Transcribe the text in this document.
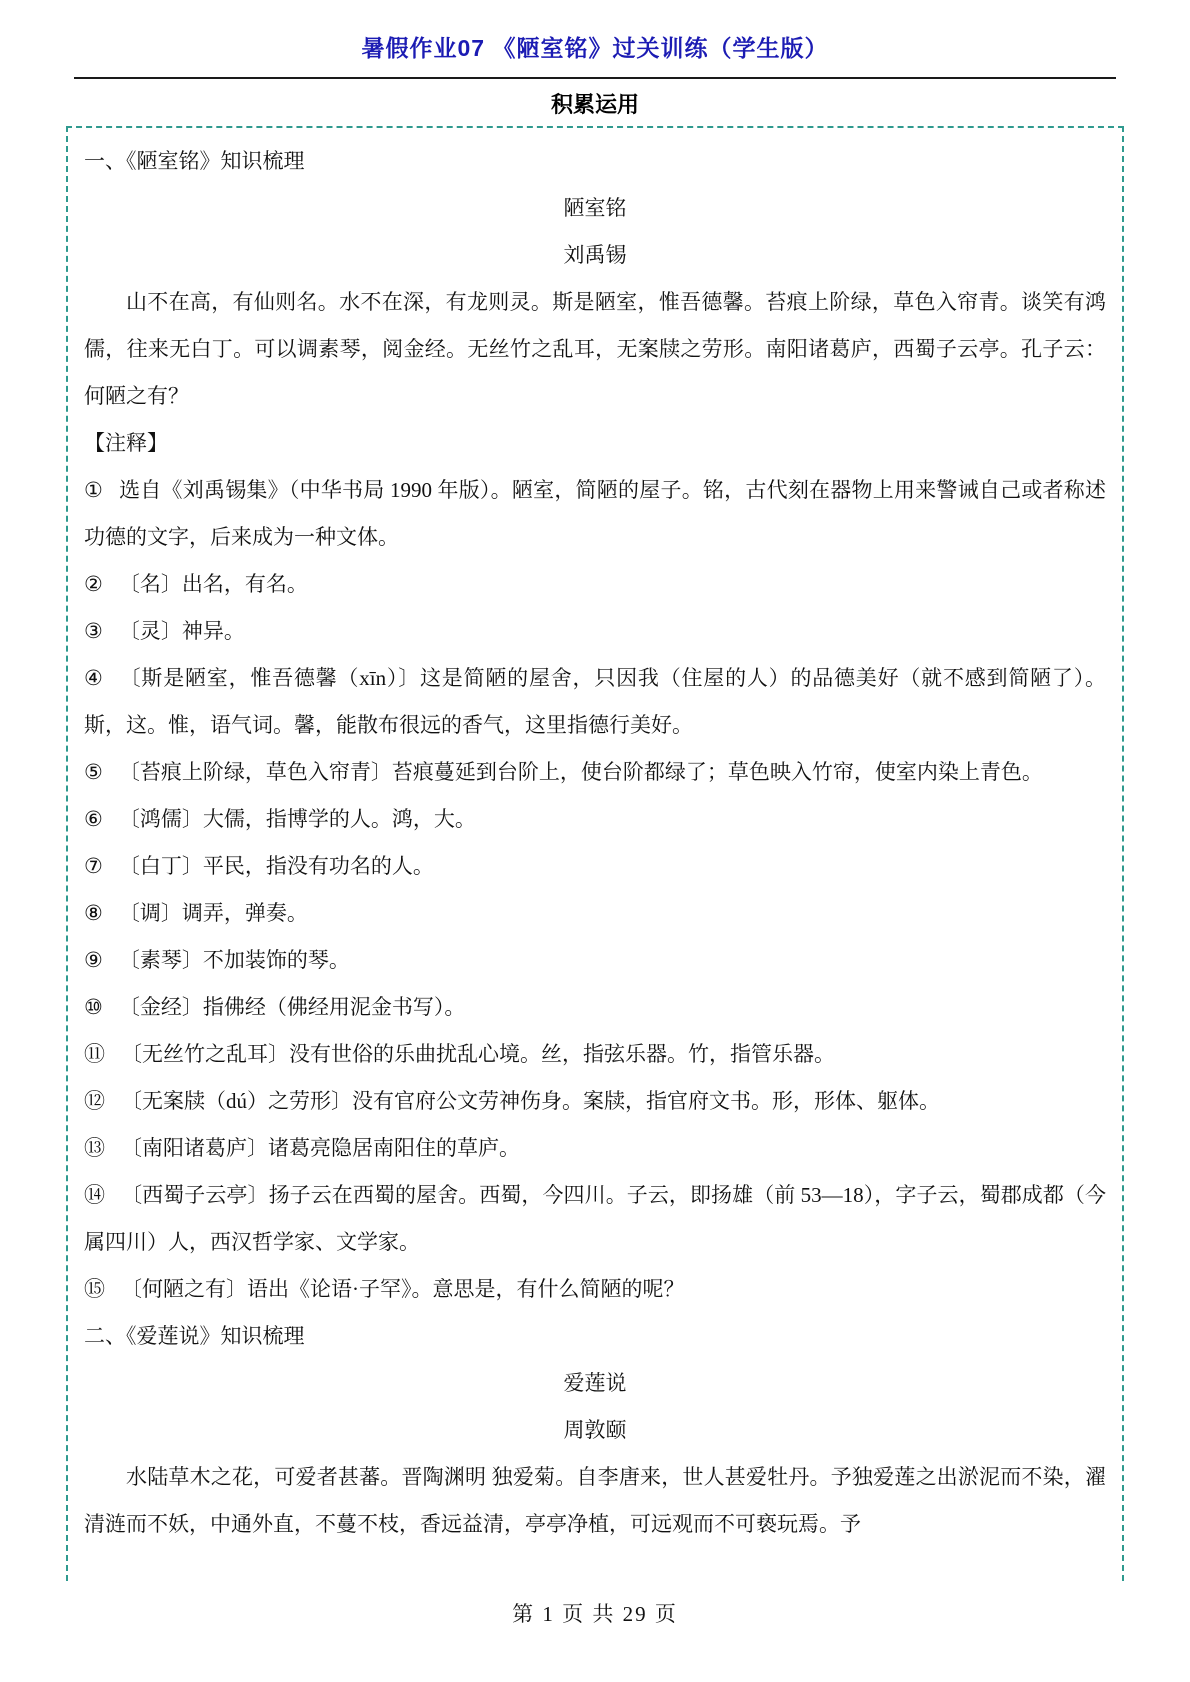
暑假作业07 《陋室铭》过关训练（学生版）
积累运用

一、《陋室铭》知识梳理

陋室铭

刘禹锡

山不在高，有仙则名。水不在深，有龙则灵。斯是陋室，惟吾德馨。苔痕上阶绿，草色入帘青。谈笑有鸿儒，往来无白丁。可以调素琴，阅金经。无丝竹之乱耳，无案牍之劳形。南阳诸葛庐，西蜀子云亭。孔子云：何陋之有？

【注释】

① 选自《刘禹锡集》（中华书局 1990 年版）。陋室，简陋的屋子。铭，古代刻在器物上用来警诫自己或者称述功德的文字，后来成为一种文体。

② 〔名〕出名，有名。

③ 〔灵〕神异。

④ 〔斯是陋室，惟吾德馨（xīn）〕这是简陋的屋舍，只因我（住屋的人）的品德美好（就不感到简陋了）。斯，这。惟，语气词。馨，能散布很远的香气，这里指德行美好。

⑤ 〔苔痕上阶绿，草色入帘青〕苔痕蔓延到台阶上，使台阶都绿了；草色映入竹帘，使室内染上青色。

⑥ 〔鸿儒〕大儒，指博学的人。鸿，大。

⑦ 〔白丁〕平民，指没有功名的人。

⑧ 〔调〕调弄，弹奏。

⑨ 〔素琴〕不加装饰的琴。

⑩ 〔金经〕指佛经（佛经用泥金书写）。

⑪ 〔无丝竹之乱耳〕没有世俗的乐曲扰乱心境。丝，指弦乐器。竹，指管乐器。

⑫ 〔无案牍（dú）之劳形〕没有官府公文劳神伤身。案牍，指官府文书。形，形体、躯体。

⑬ 〔南阳诸葛庐〕诸葛亮隐居南阳住的草庐。

⑭ 〔西蜀子云亭〕扬子云在西蜀的屋舍。西蜀，今四川。子云，即扬雄（前 53—18），字子云，蜀郡成都（今属四川）人，西汉哲学家、文学家。

⑮ 〔何陋之有〕语出《论语·子罕》。意思是，有什么简陋的呢？

二、《爱莲说》知识梳理

爱莲说

周敦颐

水陆草木之花，可爱者甚蕃。晋陶渊明 独爱菊。自李唐来，世人甚爱牡丹。予独爱莲之出淤泥而不染，濯清涟而不妖，中通外直，不蔓不枝，香远益清，亭亭净植，可远观而不可亵玩焉。予

第 1 页 共 29 页
